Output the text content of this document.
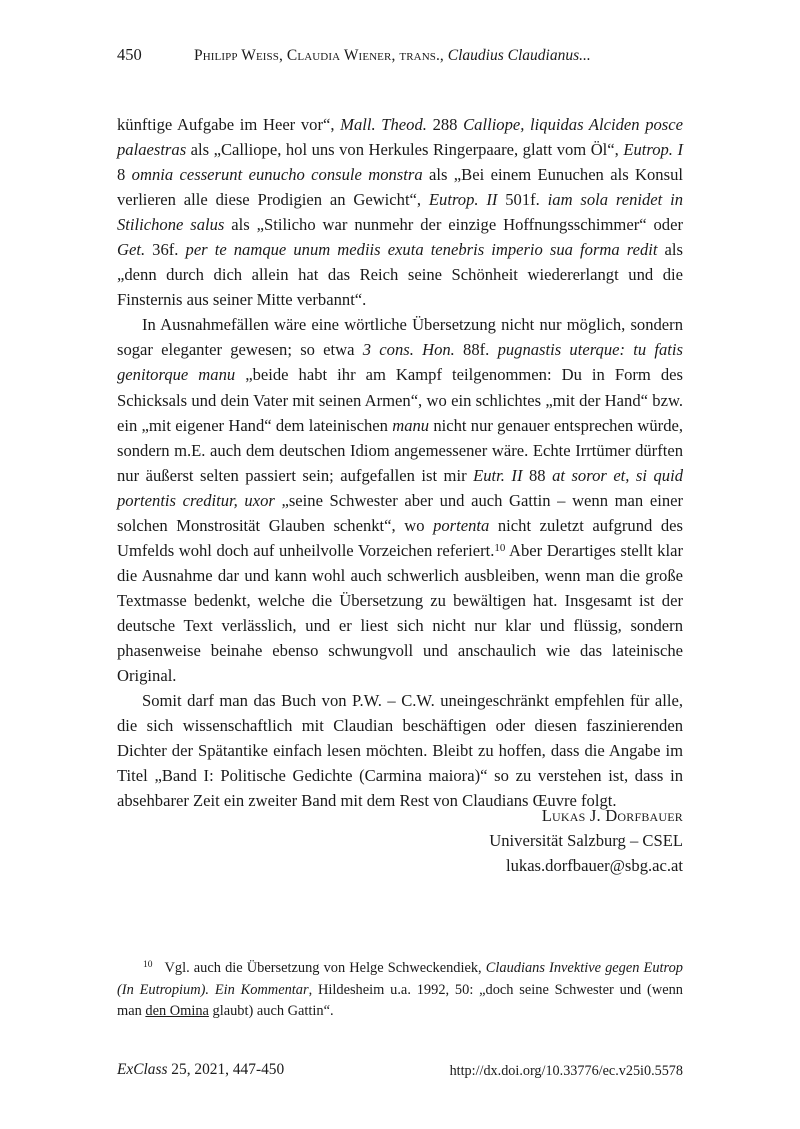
450	Philipp Weiss, Claudia Wiener, trans., Claudius Claudianus...

künftige Aufgabe im Heer vor“, Mall. Theod. 288 Calliope, liquidas Alciden posce palaestras als „Calliope, hol uns von Herkules Ringerpaare, glatt vom Öl“, Eutrop. I 8 omnia cesserunt eunucho consule monstra als „Bei einem Eunuchen als Konsul verlieren alle diese Prodigien an Gewicht“, Eutrop. II 501f. iam sola renidet in Stilichone salus als „Stilicho war nunmehr der einzige Hoffnungsschimmer“ oder Get. 36f. per te namque unum mediis exuta tenebris imperio sua forma redit als „denn durch dich allein hat das Reich seine Schönheit wiedererlangt und die Finsternis aus seiner Mitte verbannt“.

In Ausnahmefällen wäre eine wörtliche Übersetzung nicht nur möglich, sondern sogar eleganter gewesen; so etwa 3 cons. Hon. 88f. pugnastis uterque: tu fatis genitorque manu „beide habt ihr am Kampf teilgenommen: Du in Form des Schicksals und dein Vater mit seinen Armen“, wo ein schlichtes „mit der Hand“ bzw. ein „mit eigener Hand“ dem lateinischen manu nicht nur genauer entsprechen würde, sondern m.E. auch dem deutschen Idiom angemessener wäre. Echte Irrtümer dürften nur äußerst selten passiert sein; aufgefallen ist mir Eutr. II 88 at soror et, si quid portentis creditur, uxor „seine Schwester aber und auch Gattin – wenn man einer solchen Monstrosität Glauben schenkt“, wo portenta nicht zuletzt aufgrund des Umfelds wohl doch auf unheilvolle Vorzeichen referiert.$^{10}$ Aber Derartiges stellt klar die Ausnahme dar und kann wohl auch schwerlich ausbleiben, wenn man die große Textmasse bedenkt, welche die Übersetzung zu bewältigen hat. Insgesamt ist der deutsche Text verlässlich, und er liest sich nicht nur klar und flüssig, sondern phasenweise beinahe ebenso schwungvoll und anschaulich wie das lateinische Original.

Somit darf man das Buch von P.W. – C.W. uneingeschränkt empfehlen für alle, die sich wissenschaftlich mit Claudian beschäftigen oder diesen faszinierenden Dichter der Spätantike einfach lesen möchten. Bleibt zu hoffen, dass die Angabe im Titel „Band I: Politische Gedichte (Carmina maiora)“ so zu verstehen ist, dass in absehbarer Zeit ein zweiter Band mit dem Rest von Claudians Œuvre folgt.

Lukas J. Dorfbauer
Universität Salzburg – CSEL
lukas.dorfbauer@sbg.ac.at

$^{10}$ Vgl. auch die Übersetzung von Helge Schweckendiek, Claudians Invektive gegen Eutrop (In Eutropium). Ein Kommentar, Hildesheim u.a. 1992, 50: „doch seine Schwester und (wenn man den Omina glaubt) auch Gattin“.

ExClass 25, 2021, 447-450	http://dx.doi.org/10.33776/ec.v25i0.5578
